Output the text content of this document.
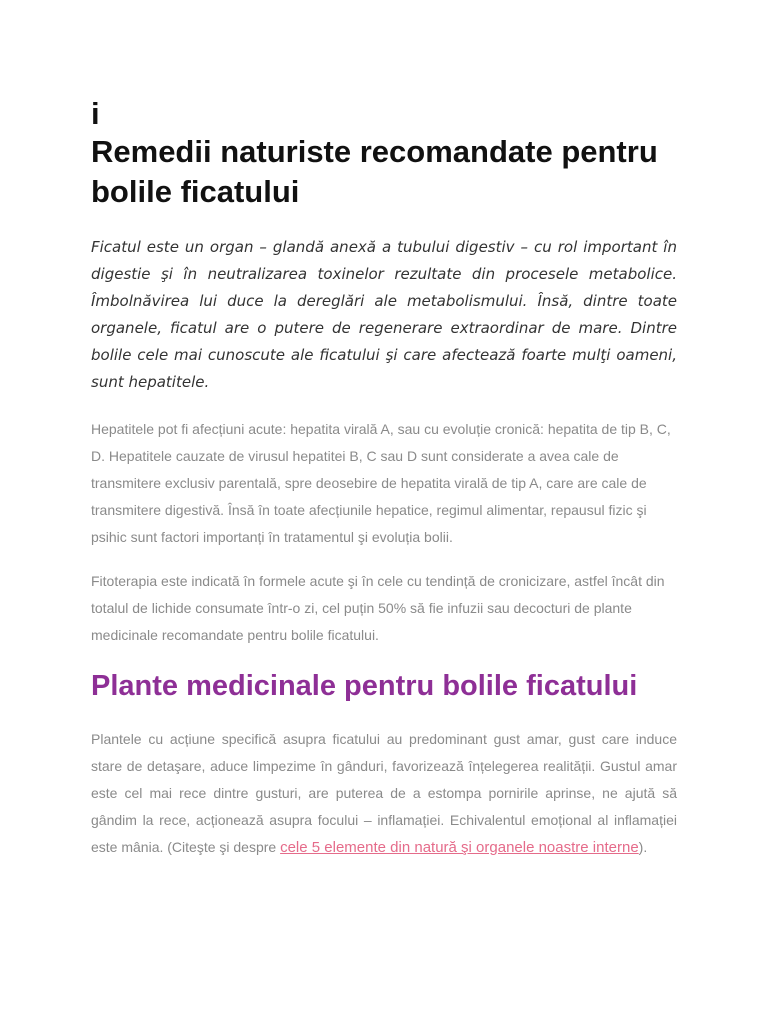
i
Remedii naturiste recomandate pentru bolile ficatului

Ficatul este un organ – glandă anexă a tubului digestiv – cu rol important în digestie şi în neutralizarea toxinelor rezultate din procesele metabolice. Îmbolnăvirea lui duce la dereglări ale metabolismului. Însă, dintre toate organele, ficatul are o putere de regenerare extraordinar de mare. Dintre bolile cele mai cunoscute ale ficatului şi care afectează foarte mulţi oameni, sunt hepatitele.

Hepatitele pot fi afecțiuni acute: hepatita virală A, sau cu evoluție cronică: hepatita de tip B, C, D. Hepatitele cauzate de virusul hepatitei B, C sau D sunt considerate a avea cale de transmitere exclusiv parentală, spre deosebire de hepatita virală de tip A, care are cale de transmitere digestivă. Însă în toate afecțiunile hepatice, regimul alimentar, repausul fizic şi psihic sunt factori importanți în tratamentul şi evoluția bolii.

Fitoterapia este indicată în formele acute şi în cele cu tendință de cronicizare, astfel încât din totalul de lichide consumate într-o zi, cel puțin 50% să fie infuzii sau decocturi de plante medicinale recomandate pentru bolile ficatului.

Plante medicinale pentru bolile ficatului

Plantele cu acțiune specifică asupra ficatului au predominant gust amar, gust care induce stare de detaşare, aduce limpezime în gânduri, favorizează înțelegerea realității. Gustul amar este cel mai rece dintre gusturi, are puterea de a estompa pornirile aprinse, ne ajută să gândim la rece, acționează asupra focului – inflamației. Echivalentul emoțional al inflamației este mânia. (Citeşte şi despre cele 5 elemente din natură şi organele noastre interne).
